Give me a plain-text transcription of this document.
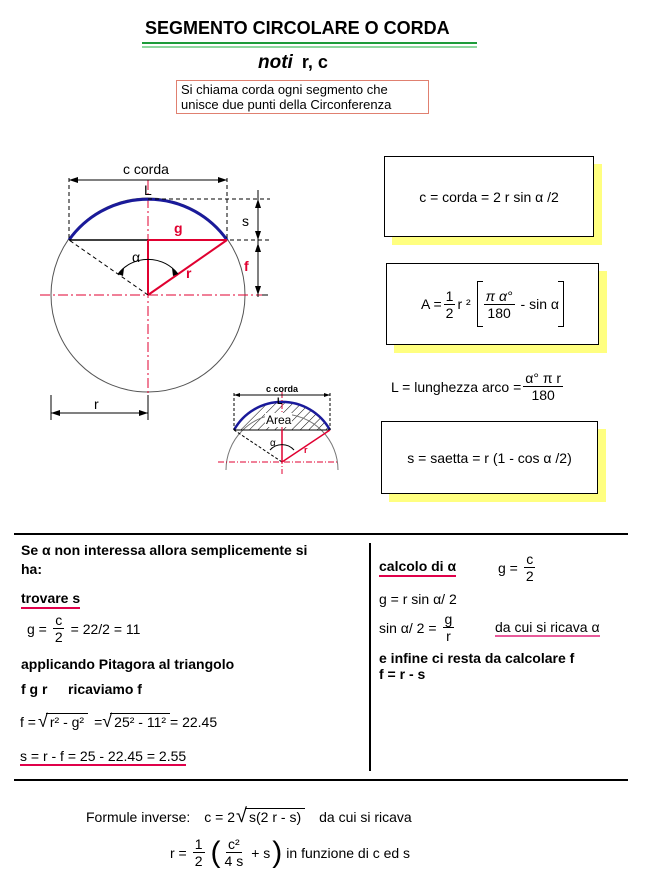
SEGMENTO CIRCOLARE O CORDA
noti r, c
Si chiama corda ogni segmento che
unisce due punti della Circonferenza
c corda
L
g	s
α
r	f
r
c corda
L
Area
α
r
c = corda = 2 r sin α /2
$A = \frac{1}{2}$ r $^2 \frac{\text{π α°}}{180}$ - sin α
L = lunghezza arco = $\frac{\text{α° π r}}{180}$
s = saetta = r (1 - cos α /2)
Se α non interessa allora semplicemente si
ha:
trovare s
$g = \frac{c}{2} = 22/2 = 11$
applicando Pitagora al triangolo
f g r ricaviamo f
f = √ r² - g² = √ 25² - 11² = 22.45
s = r - f = 25 - 22.45 = 2.55
calcolo di α	$g = \frac{c}{2}$
g = r sin α/ 2
sin α/ $2 = \frac{g}{r}$	da cui si ricava α
e infine ci resta da calcolare f
f = r - s
Formule inverse: c = 2 √ s(2 r - s) da cui si ricava
$r = \frac{1}{2}$ ( $\frac{\text{c²}}{4 s} + s$ ) in funzione di c ed s
